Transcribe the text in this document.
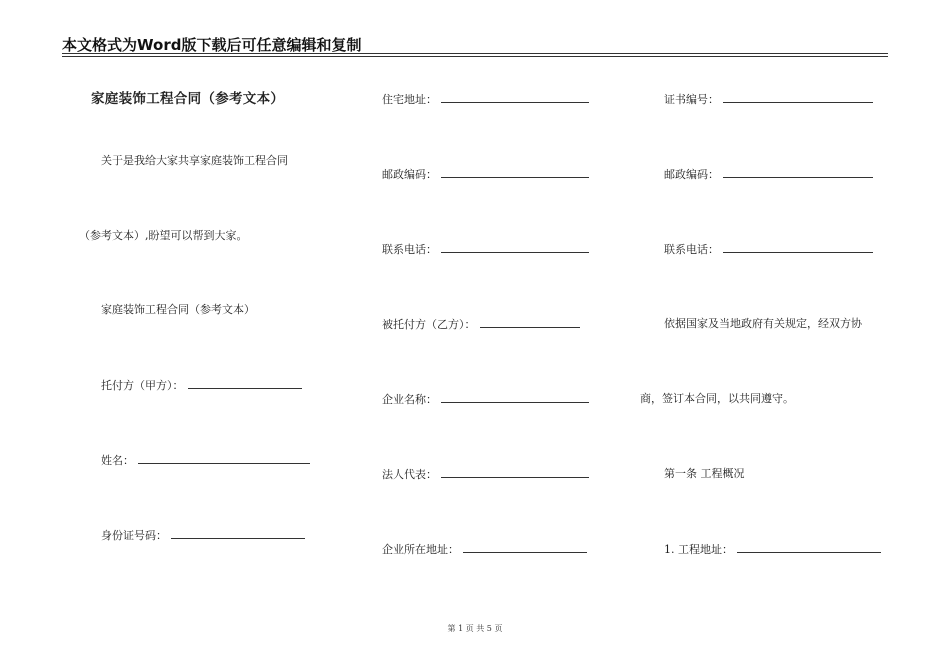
本文格式为Word版下载后可任意编辑和复制
家庭装饰工程合同（参考文本）
关于是我给大家共享家庭装饰工程合同
（参考文本）,盼望可以帮到大家。
家庭装饰工程合同（参考文本）
托付方（甲方）：
姓名：
身份证号码：
住宅地址：
邮政编码：
联系电话：
被托付方（乙方）：
企业名称：
法人代表：
企业所在地址：
证书编号：
邮政编码：
联系电话：
依据国家及当地政府有关规定，经双方协
商，签订本合同，以共同遵守。
第一条 工程概况
1. 工程地址：
第 1 页 共 5 页
